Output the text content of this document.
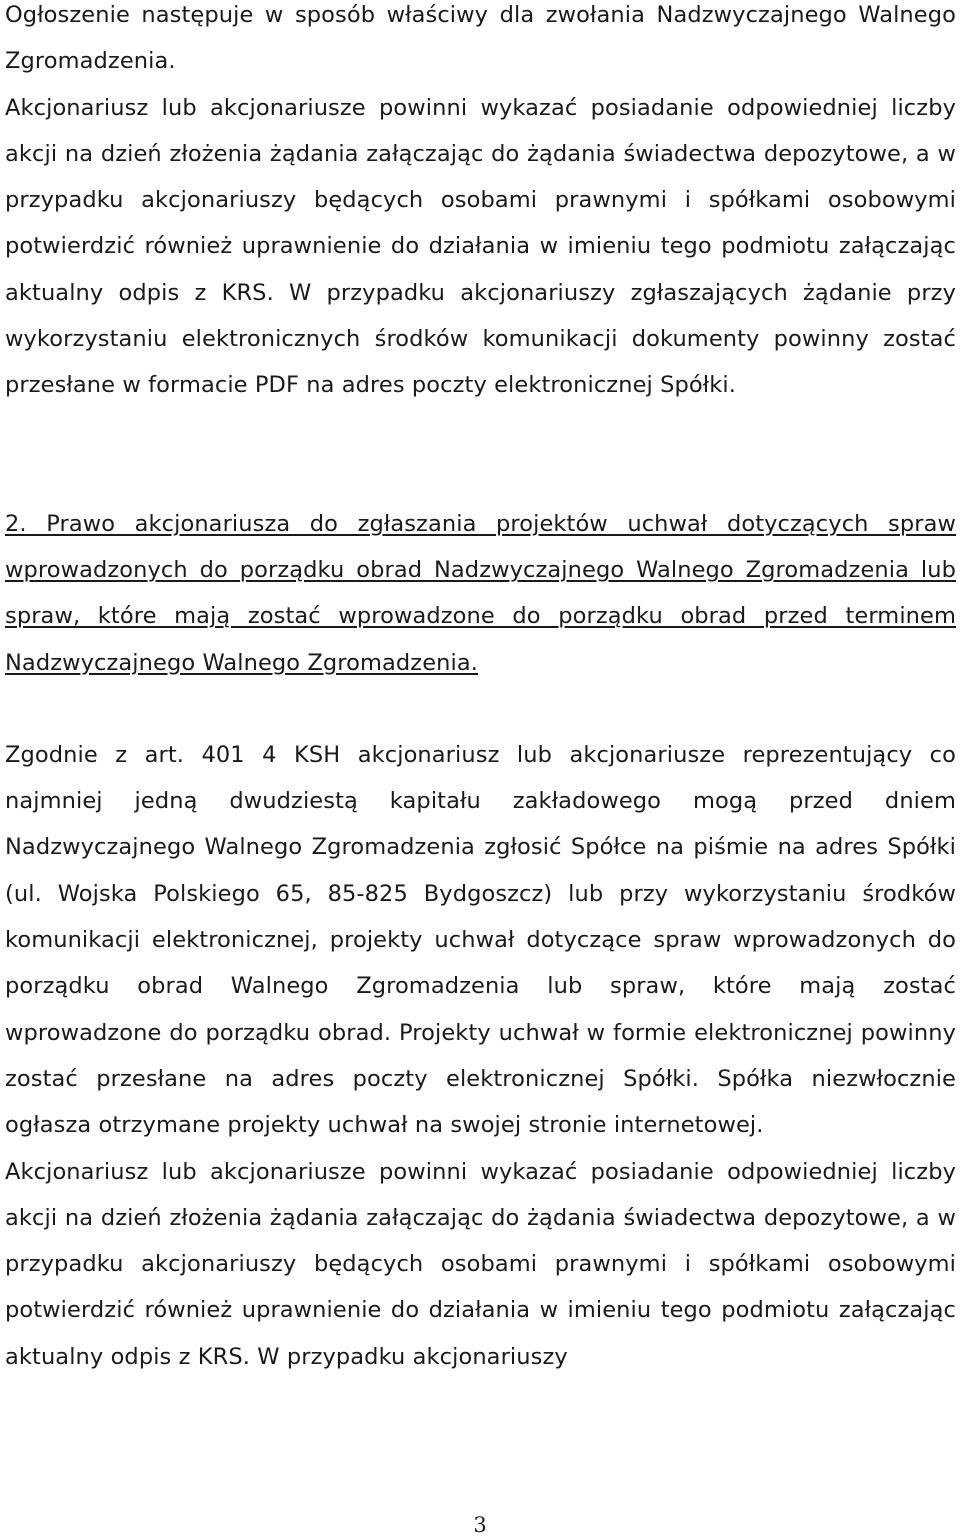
Ogłoszenie następuje w sposób właściwy dla zwołania Nadzwyczajnego Walnego Zgromadzenia.

Akcjonariusz lub akcjonariusze powinni wykazać posiadanie odpowiedniej liczby akcji na dzień złożenia żądania załączając do żądania świadectwa depozytowe, a w przypadku akcjonariuszy będących osobami prawnymi i spółkami osobowymi potwierdzić również uprawnienie do działania w imieniu tego podmiotu załączając aktualny odpis z KRS. W przypadku akcjonariuszy zgłaszających żądanie przy wykorzystaniu elektronicznych środków komunikacji dokumenty powinny zostać przesłane w formacie PDF na adres poczty elektronicznej Spółki.

2. Prawo akcjonariusza do zgłaszania projektów uchwał dotyczących spraw wprowadzonych do porządku obrad Nadzwyczajnego Walnego Zgromadzenia lub spraw, które mają zostać wprowadzone do porządku obrad przed terminem Nadzwyczajnego Walnego Zgromadzenia.

Zgodnie z art. 401 4 KSH akcjonariusz lub akcjonariusze reprezentujący co najmniej jedną dwudziestą kapitału zakładowego mogą przed dniem Nadzwyczajnego Walnego Zgromadzenia zgłosić Spółce na piśmie na adres Spółki (ul. Wojska Polskiego 65, 85-825 Bydgoszcz) lub przy wykorzystaniu środków komunikacji elektronicznej, projekty uchwał dotyczące spraw wprowadzonych do porządku obrad Walnego Zgromadzenia lub spraw, które mają zostać wprowadzone do porządku obrad. Projekty uchwał w formie elektronicznej powinny zostać przesłane na adres poczty elektronicznej Spółki. Spółka niezwłocznie ogłasza otrzymane projekty uchwał na swojej stronie internetowej.

Akcjonariusz lub akcjonariusze powinni wykazać posiadanie odpowiedniej liczby akcji na dzień złożenia żądania załączając do żądania świadectwa depozytowe, a w przypadku akcjonariuszy będących osobami prawnymi i spółkami osobowymi potwierdzić również uprawnienie do działania w imieniu tego podmiotu załączając aktualny odpis z KRS. W przypadku akcjonariuszy

3
